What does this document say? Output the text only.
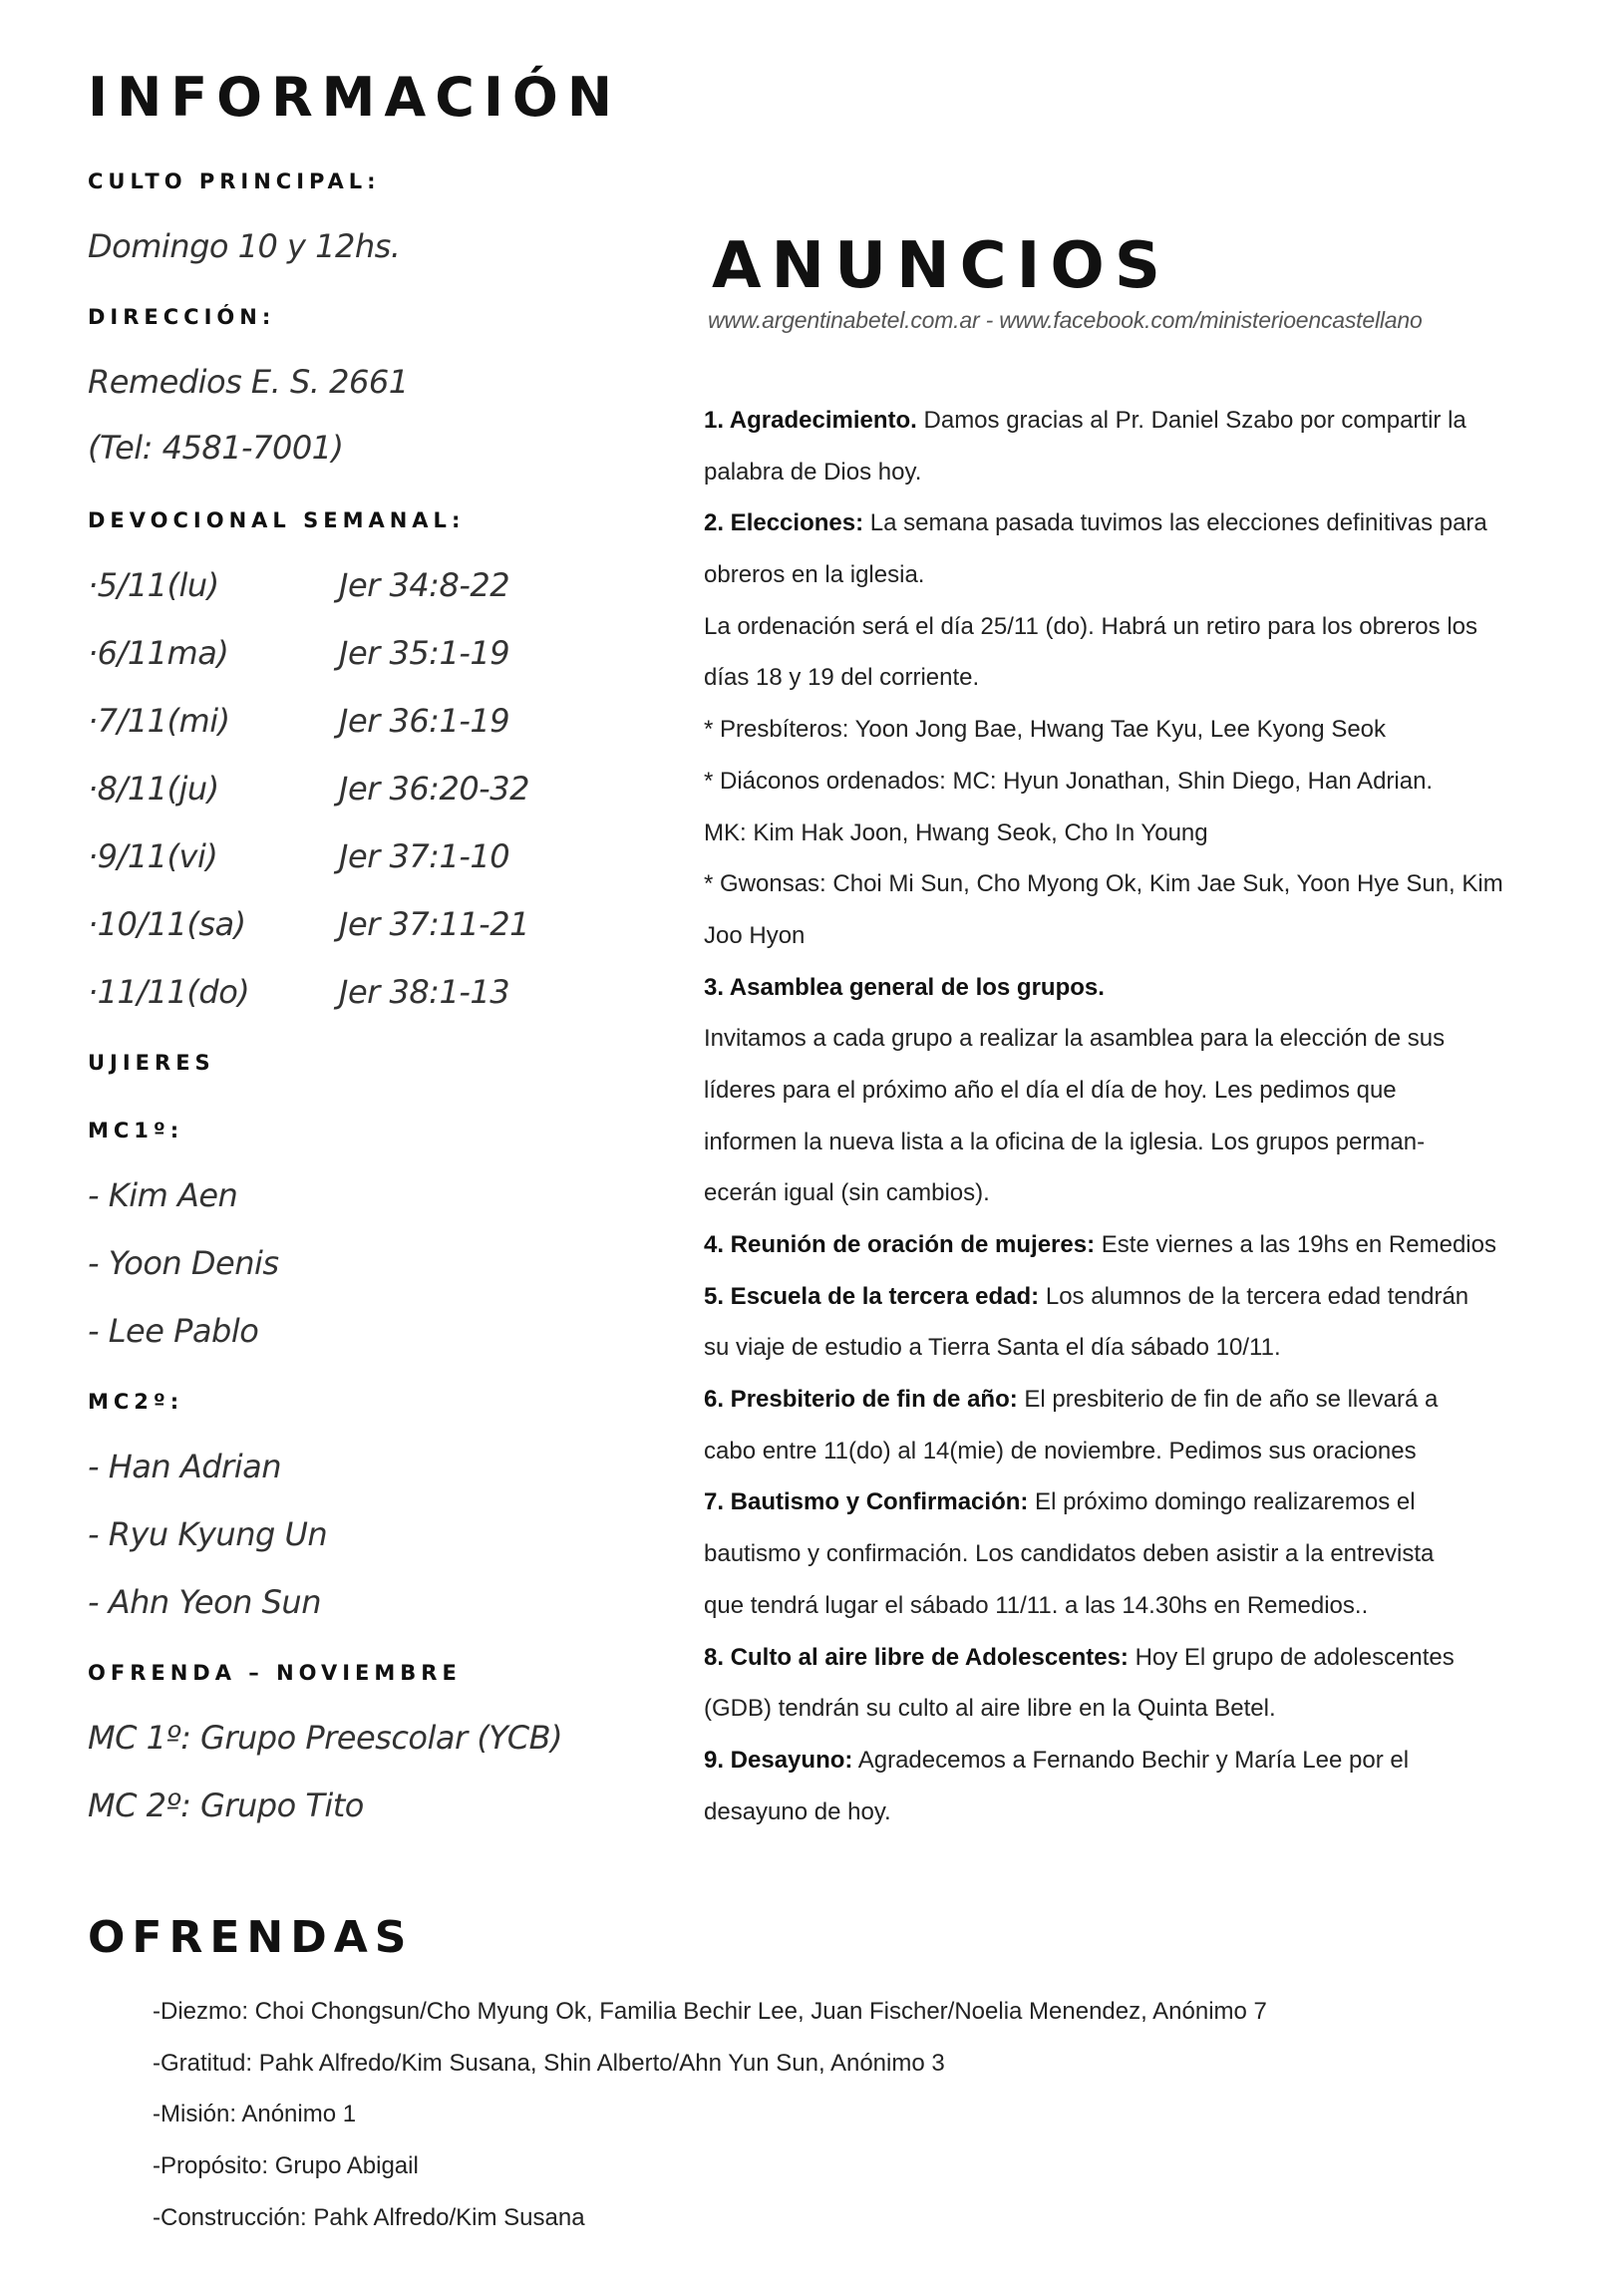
INFORMACIÓN
CULTO PRINCIPAL:
Domingo 10 y 12hs.
DIRECCIÓN:
Remedios E. S. 2661
(Tel: 4581-7001)
DEVOCIONAL SEMANAL:
·5/11(lu)	Jer 34:8-22
·6/11ma)	Jer 35:1-19
·7/11(mi)	Jer 36:1-19
·8/11(ju)	Jer 36:20-32
·9/11(vi)	Jer 37:1-10
·10/11(sa)	Jer 37:11-21
·11/11(do)	Jer 38:1-13
UJIERES
MC1º:
- Kim Aen
- Yoon Denis
- Lee Pablo
MC2º:
- Han Adrian
- Ryu Kyung Un
- Ahn Yeon Sun
OFRENDA – NOVIEMBRE
MC 1º: Grupo Preescolar (YCB)
MC 2º: Grupo Tito
ANUNCIOS
www.argentinabetel.com.ar - www.facebook.com/ministerioencastellano
1. Agradecimiento. Damos gracias al Pr. Daniel Szabo por compartir la
palabra de Dios hoy.
2. Elecciones: La semana pasada tuvimos las elecciones definitivas para
obreros en la iglesia.
La ordenación será el día 25/11 (do). Habrá un retiro para los obreros los
días 18 y 19 del corriente.
* Presbíteros: Yoon Jong Bae, Hwang Tae Kyu, Lee Kyong Seok
* Diáconos ordenados: MC: Hyun Jonathan, Shin Diego, Han Adrian.
MK: Kim Hak Joon, Hwang Seok, Cho In Young
* Gwonsas: Choi Mi Sun, Cho Myong Ok, Kim Jae Suk, Yoon Hye Sun, Kim
Joo Hyon
3. Asamblea general de los grupos.
Invitamos a cada grupo a realizar la asamblea para la elección de sus
líderes para el próximo año el día el día de hoy. Les pedimos que
informen la nueva lista a la oficina de la iglesia. Los grupos perman-
ecerán igual (sin cambios).
4. Reunión de oración de mujeres: Este viernes a las 19hs en Remedios
5. Escuela de la tercera edad: Los alumnos de la tercera edad tendrán
su viaje de estudio a Tierra Santa el día sábado 10/11.
6. Presbiterio de fin de año: El presbiterio de fin de año se llevará a
cabo entre 11(do) al 14(mie) de noviembre. Pedimos sus oraciones
7. Bautismo y Confirmación: El próximo domingo realizaremos el
bautismo y confirmación. Los candidatos deben asistir a la entrevista
que tendrá lugar el sábado 11/11. a las 14.30hs en Remedios..
8. Culto al aire libre de Adolescentes: Hoy El grupo de adolescentes
(GDB) tendrán su culto al aire libre en la Quinta Betel.
9. Desayuno: Agradecemos a Fernando Bechir y María Lee por el
desayuno de hoy.
OFRENDAS
-Diezmo: Choi Chongsun/Cho Myung Ok, Familia Bechir Lee, Juan Fischer/Noelia Menendez, Anónimo 7
-Gratitud: Pahk Alfredo/Kim Susana, Shin Alberto/Ahn Yun Sun, Anónimo 3
-Misión: Anónimo 1
-Propósito: Grupo Abigail
-Construcción: Pahk Alfredo/Kim Susana
